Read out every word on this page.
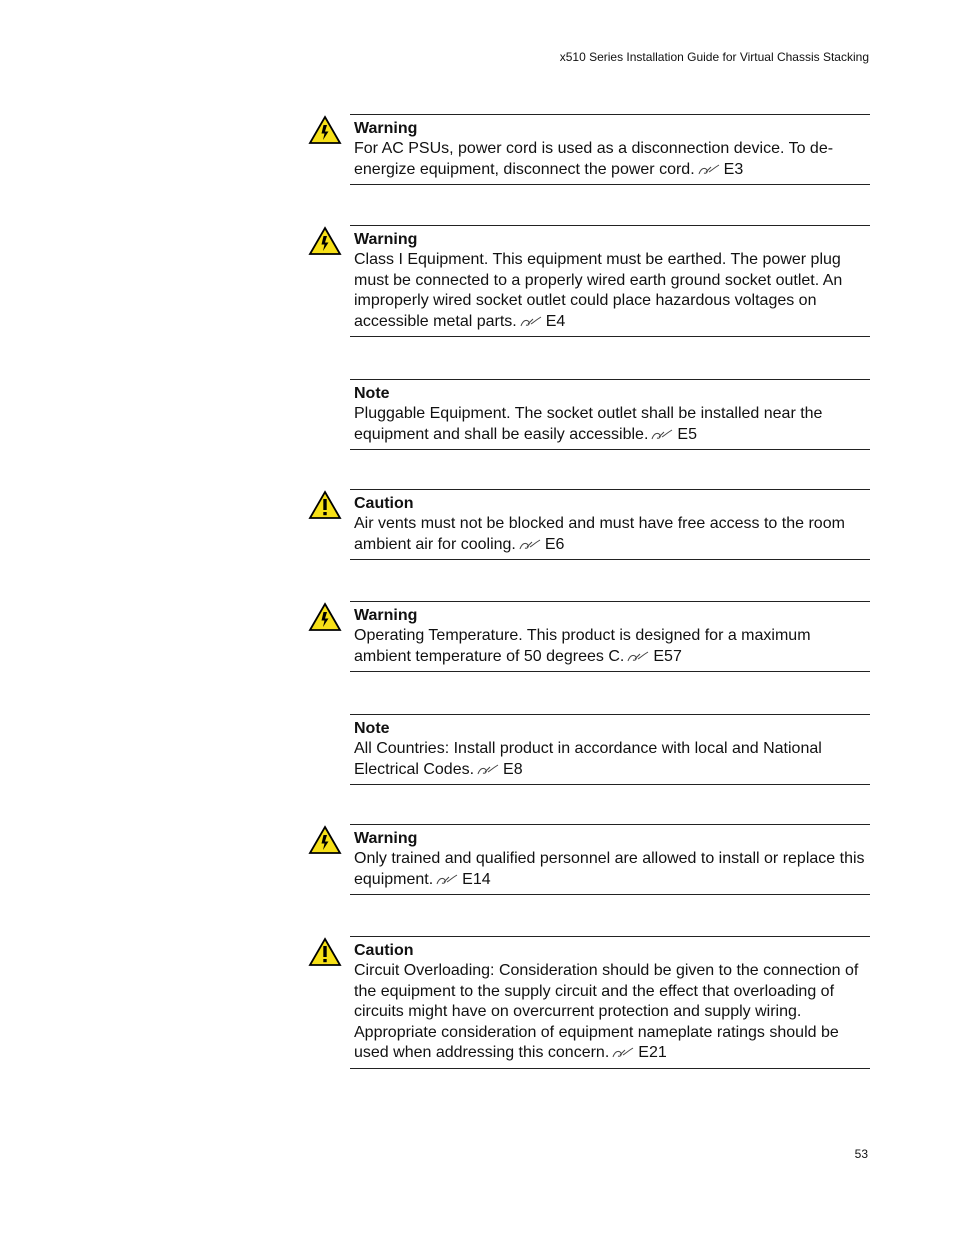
x510 Series Installation Guide for Virtual Chassis Stacking
Warning
For AC PSUs, power cord is used as a disconnection device. To de-energize equipment, disconnect the power cord. E3
Warning
Class I Equipment. This equipment must be earthed. The power plug must be connected to a properly wired earth ground socket outlet. An improperly wired socket outlet could place hazardous voltages on accessible metal parts. E4
Note
Pluggable Equipment. The socket outlet shall be installed near the equipment and shall be easily accessible. E5
Caution
Air vents must not be blocked and must have free access to the room ambient air for cooling. E6
Warning
Operating Temperature. This product is designed for a maximum ambient temperature of 50 degrees C. E57
Note
All Countries: Install product in accordance with local and National Electrical Codes. E8
Warning
Only trained and qualified personnel are allowed to install or replace this equipment. E14
Caution
Circuit Overloading: Consideration should be given to the connection of the equipment to the supply circuit and the effect that overloading of circuits might have on overcurrent protection and supply wiring. Appropriate consideration of equipment nameplate ratings should be used when addressing this concern. E21
53
